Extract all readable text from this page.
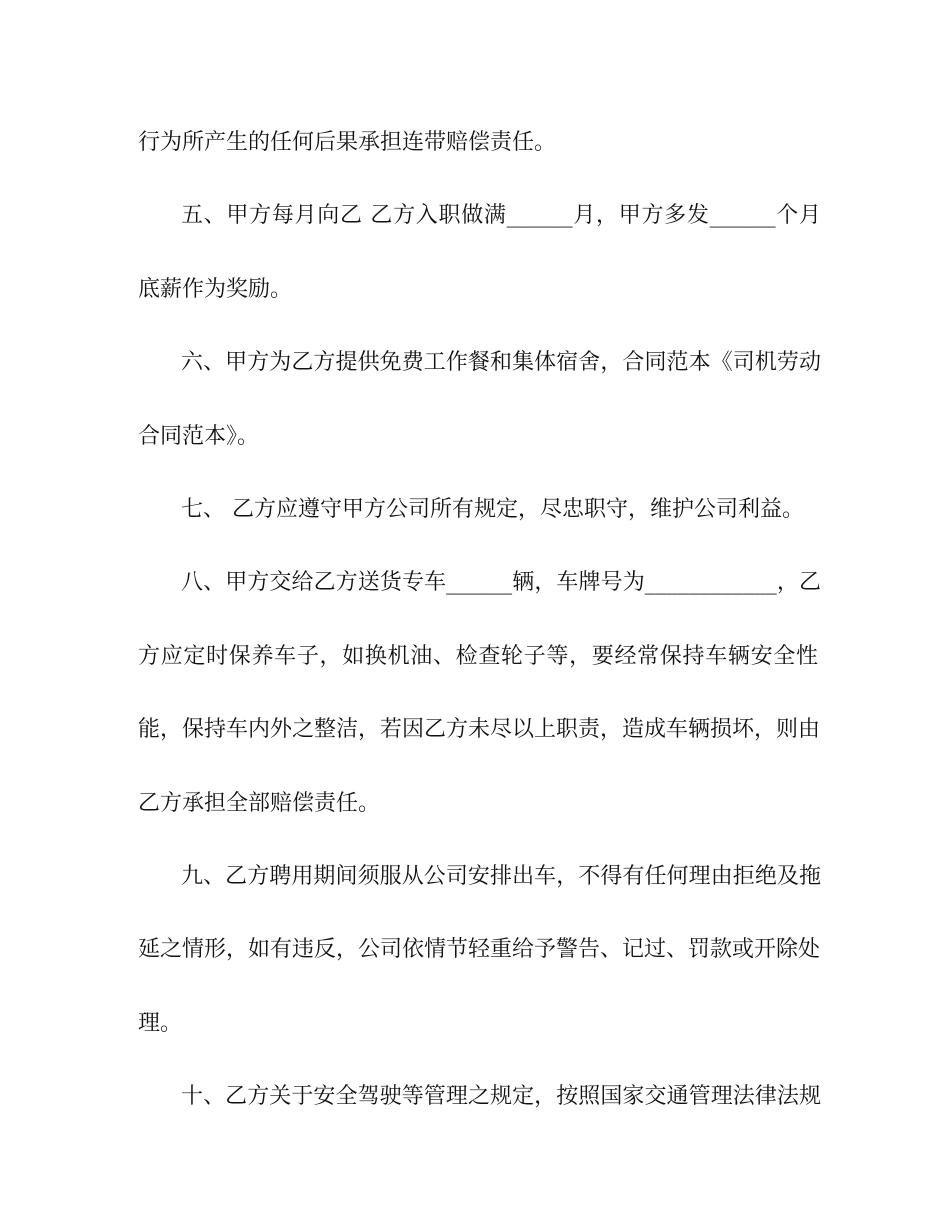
行为所产生的任何后果承担连带赔偿责任。
五、甲方每月向乙 乙方入职做满______月，甲方多发______个月
底薪作为奖励。
六、甲方为乙方提供免费工作餐和集体宿舍，合同范本《司机劳动
合同范本》。
七、 乙方应遵守甲方公司所有规定，尽忠职守，维护公司利益。
八、甲方交给乙方送货专车______辆，车牌号为____________，乙
方应定时保养车子，如换机油、检查轮子等，要经常保持车辆安全性
能，保持车内外之整洁，若因乙方未尽以上职责，造成车辆损坏，则由
乙方承担全部赔偿责任。
九、乙方聘用期间须服从公司安排出车，不得有任何理由拒绝及拖
延之情形，如有违反，公司依情节轻重给予警告、记过、罚款或开除处
理。
十、乙方关于安全驾驶等管理之规定，按照国家交通管理法律法规
